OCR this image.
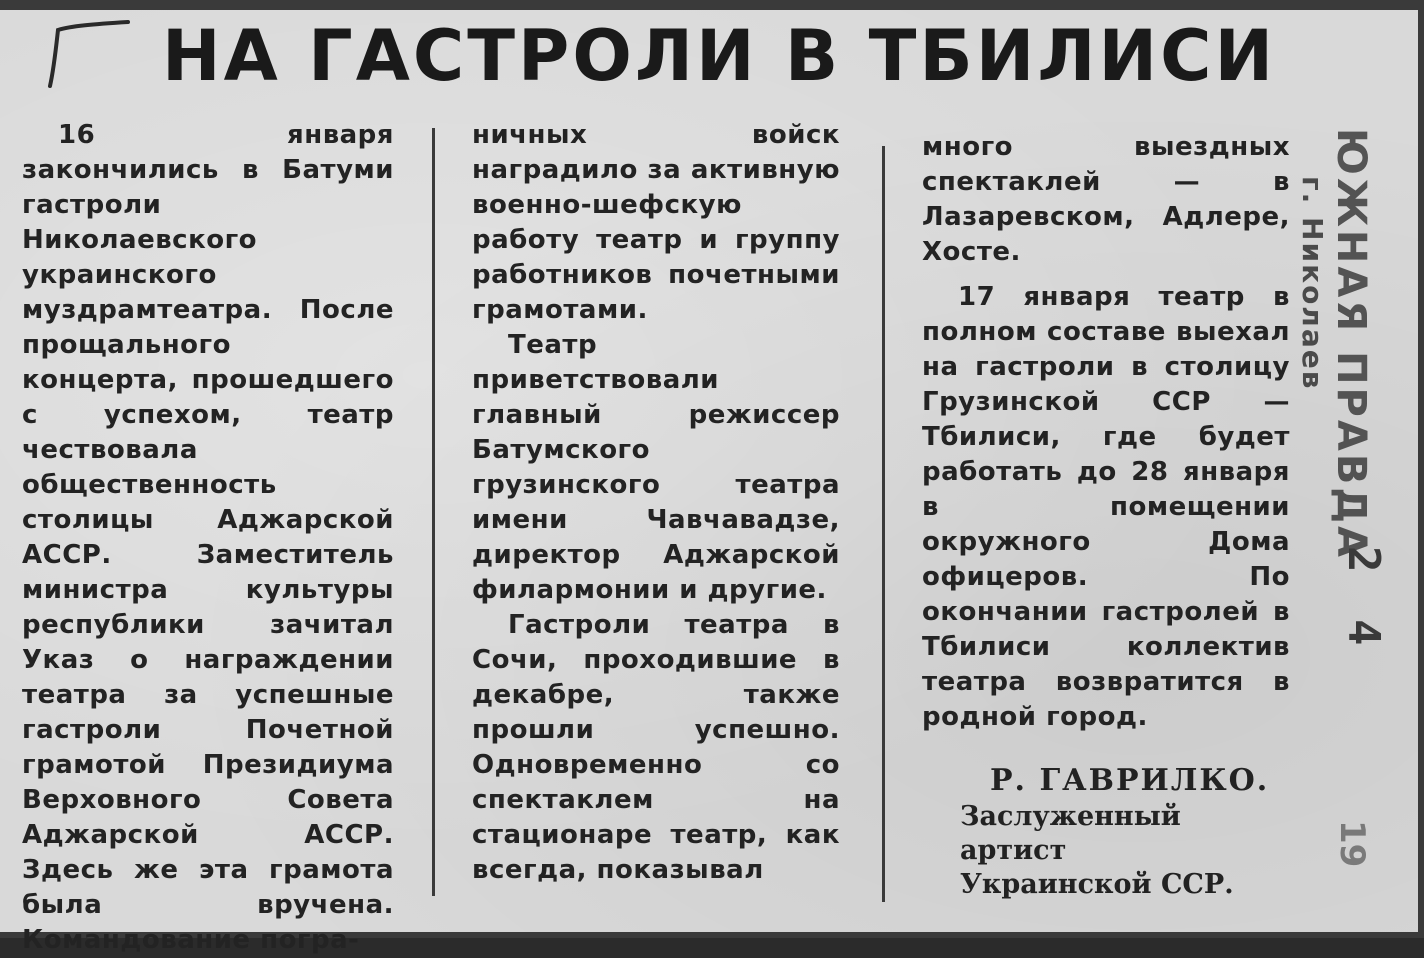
НА ГАСТРОЛИ В ТБИЛИСИ

16 января закончились в Батуми гастроли Николаевского украинского муздрамтеатра. После прощального концерта, прошедшего с успехом, театр чествовала общественность столицы Аджарской АССР. Заместитель министра культуры республики зачитал Указ о награждении театра за успешные гастроли Почетной грамотой Президиума Верховного Совета Аджарской АССР. Здесь же эта грамота была вручена. Командование погра-

ничных войск наградило за активную военно-шефскую работу театр и группу работников почетными грамотами.

Театр приветствовали главный режиссер Батумского грузинского театра имени Чавчавадзе, директор Аджарской филармонии и другие.

Гастроли театра в Сочи, проходившие в декабре, также прошли успешно. Одновременно со спектаклем на стационаре театр, как всегда, показывал

много выездных спектаклей — в Лазаревском, Адлере, Хосте.

17 января театр в полном составе выехал на гастроли в столицу Грузинской ССР — Тбилиси, где будет работать до 28 января в помещении окружного Дома офицеров. По окончании гастролей в Тбилиси коллектив театра возвратится в родной город.

Р. ГАВРИЛКО.
Заслуженный артист Украинской ССР.
ЮЖНАЯ ПРАВДА
г. Николаев
2 4
19
